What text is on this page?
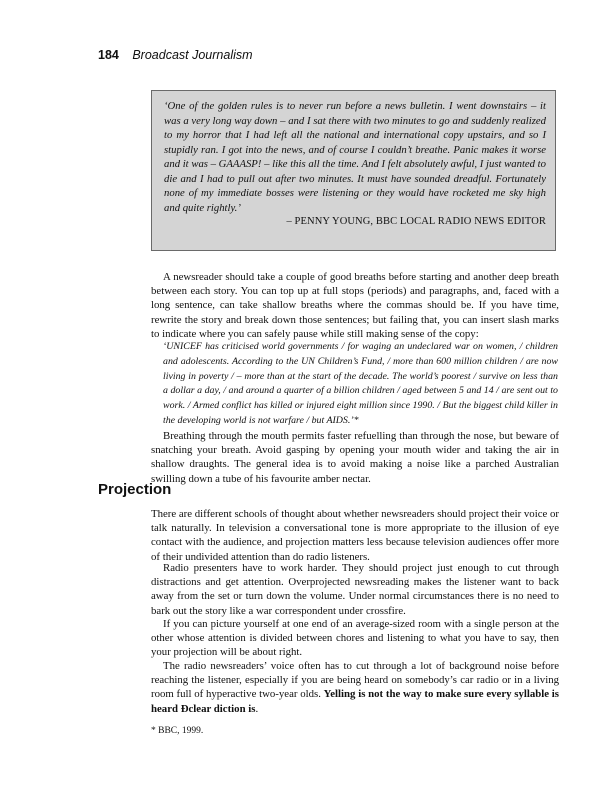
184 Broadcast Journalism

‘One of the golden rules is to never run before a news bulletin. I went downstairs – it was a very long way down – and I sat there with two minutes to go and suddenly realized to my horror that I had left all the national and international copy upstairs, and so I stupidly ran. I got into the news, and of course I couldn’t breathe. Panic makes it worse and it was – GAAASP! – like this all the time. And I felt absolutely awful, I just wanted to die and I had to pull out after two minutes. It must have sounded dreadful. Fortunately none of my immediate bosses were listening or they would have rocketed me sky high and quite rightly.’

– PENNY YOUNG, BBC LOCAL RADIO NEWS EDITOR

A newsreader should take a couple of good breaths before starting and another deep breath between each story. You can top up at full stops (periods) and paragraphs, and, faced with a long sentence, can take shallow breaths where the commas should be. If you have time, rewrite the story and break down those sentences; but failing that, you can insert slash marks to indicate where you can safely pause while still making sense of the copy:

‘UNICEF has criticised world governments / for waging an undeclared war on women, / children and adolescents. According to the UN Children’s Fund, / more than 600 million children / are now living in poverty / – more than at the start of the decade. The world’s poorest / survive on less than a dollar a day, / and around a quarter of a billion children / aged between 5 and 14 / are sent out to work. / Armed conflict has killed or injured eight million since 1990. / But the biggest child killer in the developing world is not warfare / but AIDS.’*

Breathing through the mouth permits faster refuelling than through the nose, but beware of snatching your breath. Avoid gasping by opening your mouth wider and taking the air in shallow draughts. The general idea is to avoid making a noise like a parched Australian swilling down a tube of his favourite amber nectar.

Projection

There are different schools of thought about whether newsreaders should project their voice or talk naturally. In television a conversational tone is more appropriate to the illusion of eye contact with the audience, and projection matters less because television audiences offer more of their undivided attention than do radio listeners.

Radio presenters have to work harder. They should project just enough to cut through distractions and get attention. Overprojected newsreading makes the listener want to back away from the set or turn down the volume. Under normal circumstances there is no need to bark out the story like a war correspondent under crossfire.

If you can picture yourself at one end of an average-sized room with a single person at the other whose attention is divided between chores and listening to what you have to say, then your projection will be about right.

The radio newsreaders’ voice often has to cut through a lot of background noise before reaching the listener, especially if you are being heard on somebody’s car radio or in a living room full of hyperactive two-year olds. Yelling is not the way to make sure every syllable is heard Ðclear diction is.

* BBC, 1999.
